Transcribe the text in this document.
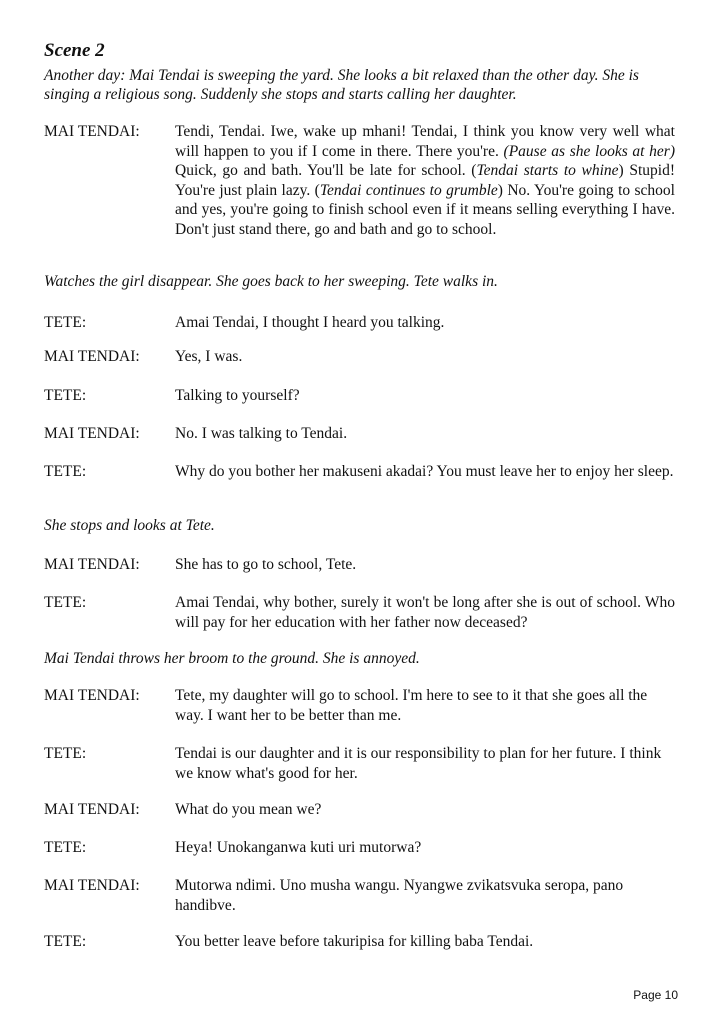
Scene 2
Another day: Mai Tendai is sweeping the yard. She looks a bit relaxed than the other day. She is singing a religious song. Suddenly she stops and starts calling her daughter.
MAI TENDAI: Tendi, Tendai. Iwe, wake up mhani! Tendai, I think you know very well what will happen to you if I come in there. There you're. (Pause as she looks at her) Quick, go and bath. You'll be late for school. (Tendai starts to whine) Stupid! You're just plain lazy. (Tendai continues to grumble) No. You're going to school and yes, you're going to finish school even if it means selling everything I have. Don't just stand there, go and bath and go to school.
Watches the girl disappear. She goes back to her sweeping. Tete walks in.
TETE:	Amai Tendai, I thought I heard you talking.
MAI TENDAI: Yes, I was.
TETE:	Talking to yourself?
MAI TENDAI: No. I was talking to Tendai.
TETE:	Why do you bother her makuseni akadai? You must leave her to enjoy her sleep.
She stops and looks at Tete.
MAI TENDAI: She has to go to school, Tete.
TETE:	Amai Tendai, why bother, surely it won't be long after she is out of school. Who will pay for her education with her father now deceased?
Mai Tendai throws her broom to the ground. She is annoyed.
MAI TENDAI: Tete, my daughter will go to school. I'm here to see to it that she goes all the way. I want her to be better than me.
TETE:	Tendai is our daughter and it is our responsibility to plan for her future. I think we know what's good for her.
MAI TENDAI: What do you mean we?
TETE:	Heya! Unokanganwa kuti uri mutorwa?
MAI TENDAI: Mutorwa ndimi. Uno musha wangu. Nyangwe zvikatsvuka seropa, pano handibve.
TETE:	You better leave before takuripisa for killing baba Tendai.
Page 10
